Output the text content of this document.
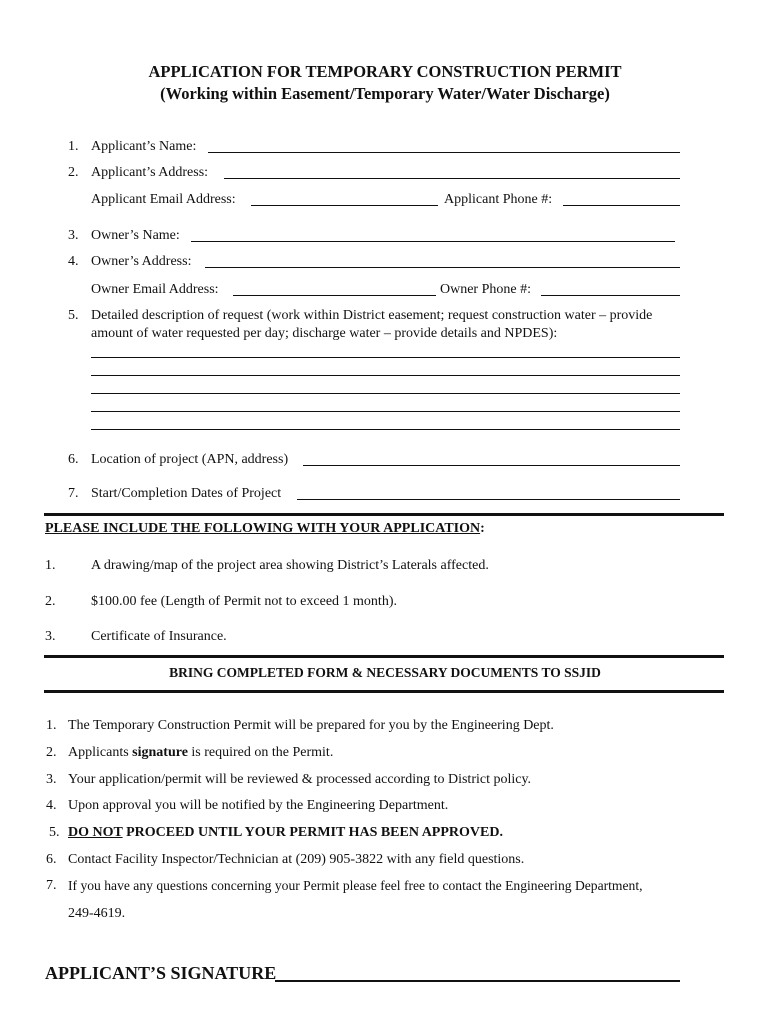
APPLICATION FOR TEMPORARY CONSTRUCTION PERMIT
(Working within Easement/Temporary Water/Water Discharge)
1. Applicant’s Name:
2. Applicant’s Address:
Applicant Email Address:	Applicant Phone #:
3. Owner’s Name:
4. Owner’s Address:
Owner Email Address:	Owner Phone #:
5. Detailed description of request (work within District easement; request construction water – provide
amount of water requested per day; discharge water – provide details and NPDES):
6. Location of project (APN, address)
7. Start/Completion Dates of Project
PLEASE INCLUDE THE FOLLOWING WITH YOUR APPLICATION:
1.	A drawing/map of the project area showing District’s Laterals affected.
2.	$100.00 fee (Length of Permit not to exceed 1 month).
3.	Certificate of Insurance.
BRING COMPLETED FORM & NECESSARY DOCUMENTS TO SSJID
1. The Temporary Construction Permit will be prepared for you by the Engineering Dept.
2. Applicants signature is required on the Permit.
3. Your application/permit will be reviewed & processed according to District policy.
4. Upon approval you will be notified by the Engineering Department.
5. DO NOT PROCEED UNTIL YOUR PERMIT HAS BEEN APPROVED.
6. Contact Facility Inspector/Technician at (209) 905-3822 with any field questions.
7. If you have any questions concerning your Permit please feel free to contact the Engineering Department,
249-4619.
APPLICANT’S SIGNATURE
